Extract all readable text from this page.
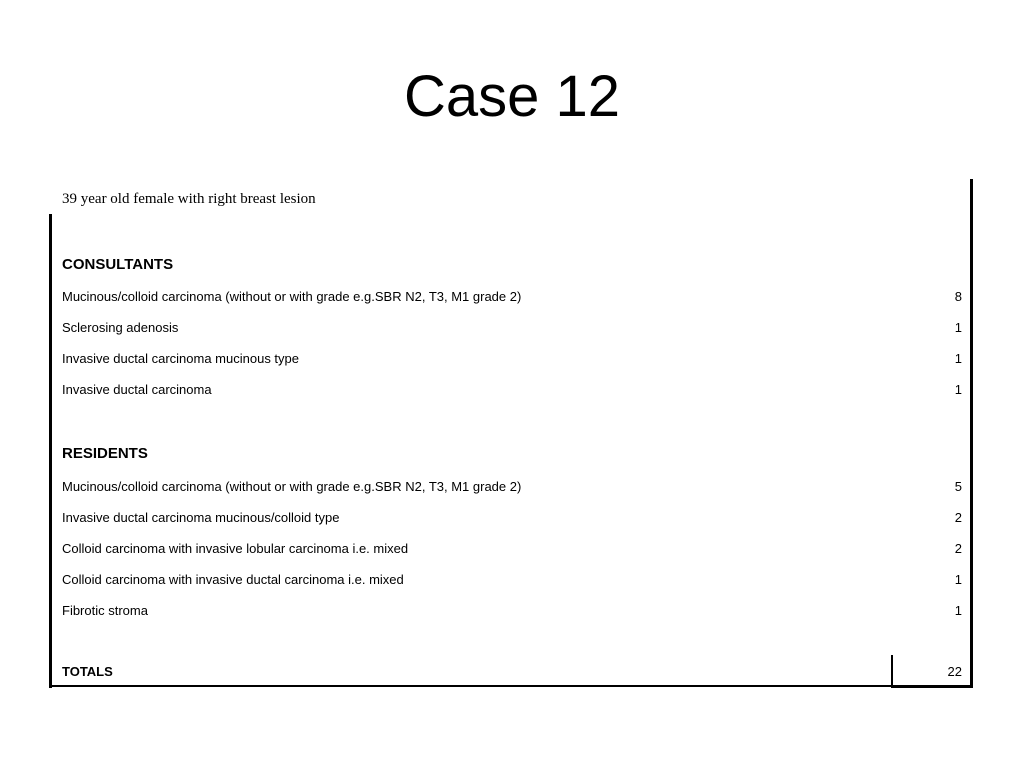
Case 12
39 year old female with right breast lesion
CONSULTANTS
Mucinous/colloid carcinoma (without or with grade e.g.SBR N2, T3, M1 grade 2)	8
Sclerosing adenosis	1
Invasive ductal carcinoma mucinous type	1
Invasive ductal carcinoma	1
RESIDENTS
Mucinous/colloid carcinoma (without or with grade e.g.SBR N2, T3, M1 grade 2)	5
Invasive ductal carcinoma mucinous/colloid type	2
Colloid carcinoma with invasive lobular carcinoma i.e. mixed	2
Colloid carcinoma with invasive ductal carcinoma i.e. mixed	1
Fibrotic stroma	1
TOTALS	22
